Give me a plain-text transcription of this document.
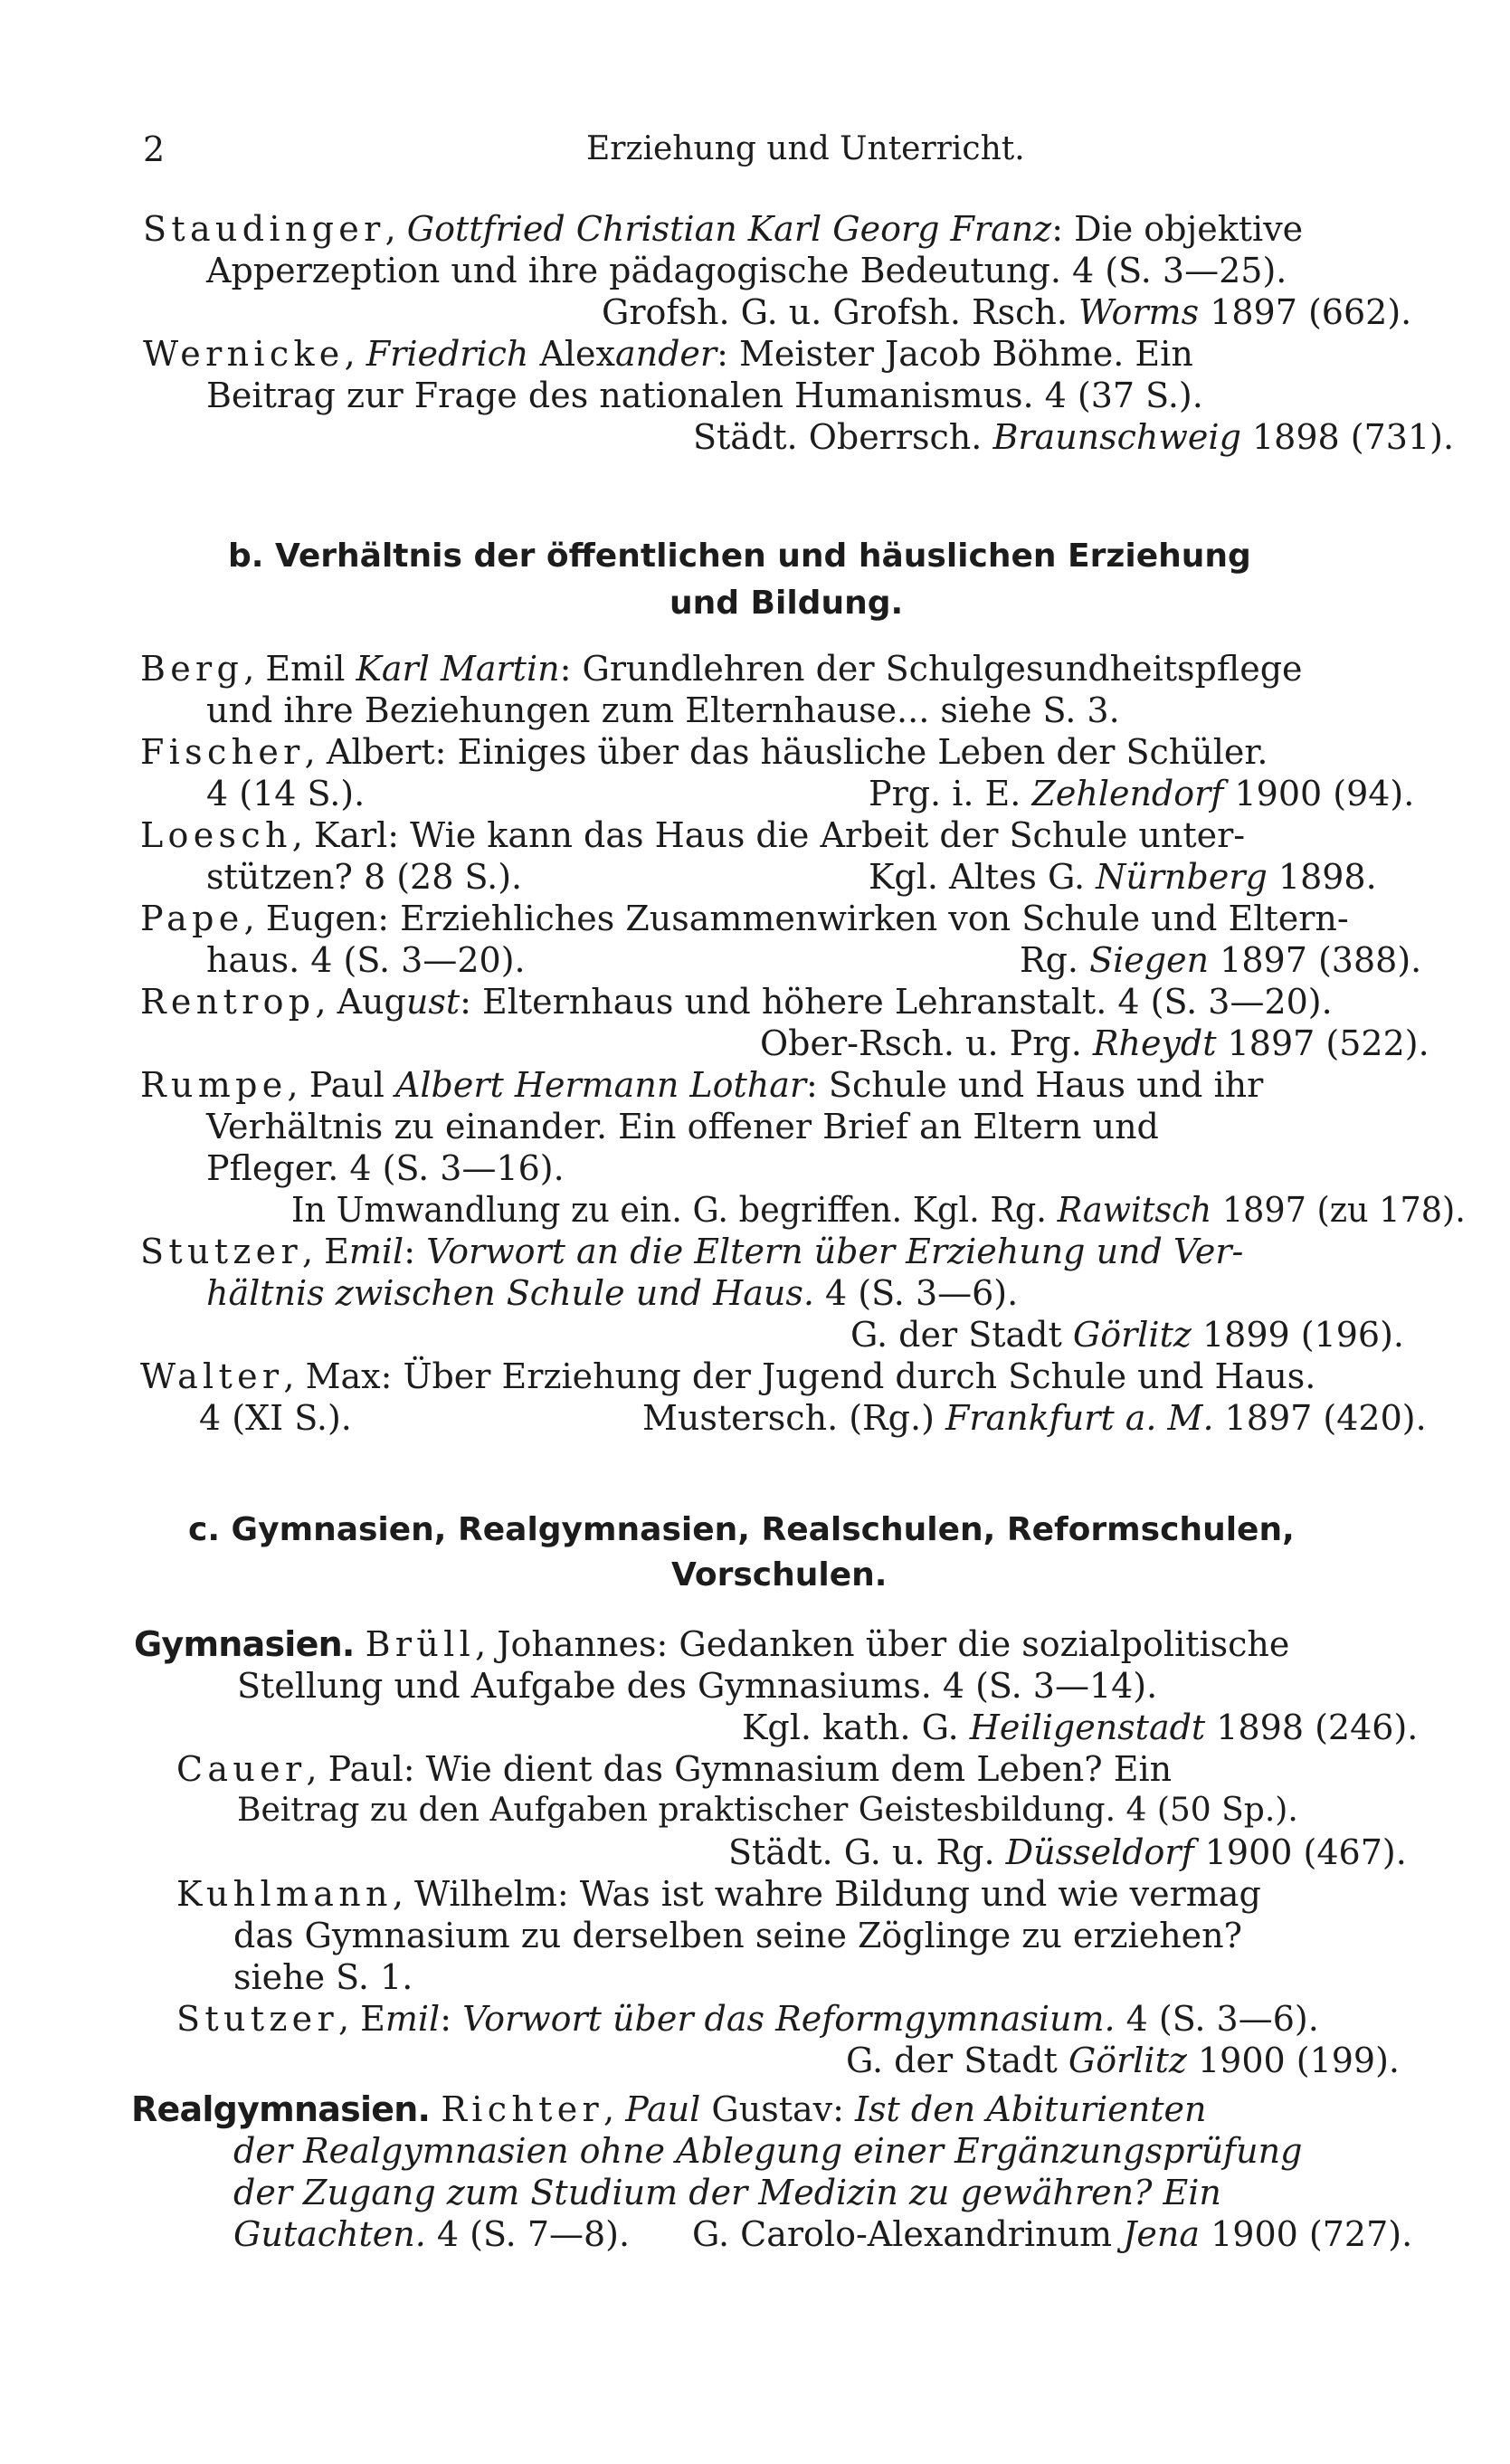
2	Erziehung und Unterricht.
Staudinger, Gottfried Christian Karl Georg Franz: Die objektive
Apperzeption und ihre pädagogische Bedeutung. 4 (S. 3—25).
Grofsh. G. u. Grofsh. Rsch. Worms 1897 (662).
Wernicke, Friedrich Alexander: Meister Jacob Böhme. Ein
Beitrag zur Frage des nationalen Humanismus. 4 (37 S.).
Städt. Oberrsch. Braunschweig 1898 (731).
b. Verhältnis der öffentlichen und häuslichen Erziehung
und Bildung.
Berg, Emil Karl Martin: Grundlehren der Schulgesundheitspflege
und ihre Beziehungen zum Elternhause... siehe S. 3.
Fischer, Albert: Einiges über das häusliche Leben der Schüler.
4 (14 S.).	Prg. i. E. Zehlendorf 1900 (94).
Loesch, Karl: Wie kann das Haus die Arbeit der Schule unter-
stützen? 8 (28 S.).	Kgl. Altes G. Nürnberg 1898.
Pape, Eugen: Erziehliches Zusammenwirken von Schule und Eltern-
haus. 4 (S. 3—20).	Rg. Siegen 1897 (388).
Rentrop, August: Elternhaus und höhere Lehranstalt. 4 (S. 3—20).
Ober-Rsch. u. Prg. Rheydt 1897 (522).
Rumpe, Paul Albert Hermann Lothar: Schule und Haus und ihr
Verhältnis zu einander. Ein offener Brief an Eltern und
Pfleger. 4 (S. 3—16).
In Umwandlung zu ein. G. begriffen. Kgl. Rg. Rawitsch 1897 (zu 178).
Stutzer, Emil: Vorwort an die Eltern über Erziehung und Ver-
hältnis zwischen Schule und Haus. 4 (S. 3—6).
G. der Stadt Görlitz 1899 (196).
Walter, Max: Über Erziehung der Jugend durch Schule und Haus.
4 (XI S.).	Mustersch. (Rg.) Frankfurt a. M. 1897 (420).
c. Gymnasien, Realgymnasien, Realschulen, Reformschulen,
Vorschulen.
Gymnasien. Brüll, Johannes: Gedanken über die sozialpolitische
Stellung und Aufgabe des Gymnasiums. 4 (S. 3—14).
Kgl. kath. G. Heiligenstadt 1898 (246).
Cauer, Paul: Wie dient das Gymnasium dem Leben? Ein
Beitrag zu den Aufgaben praktischer Geistesbildung. 4 (50 Sp.).
Städt. G. u. Rg. Düsseldorf 1900 (467).
Kuhlmann, Wilhelm: Was ist wahre Bildung und wie vermag
das Gymnasium zu derselben seine Zöglinge zu erziehen?
siehe S. 1.
Stutzer, Emil: Vorwort über das Reformgymnasium. 4 (S. 3—6).
G. der Stadt Görlitz 1900 (199).
Realgymnasien. Richter, Paul Gustav: Ist den Abiturienten
der Realgymnasien ohne Ablegung einer Ergänzungsprüfung
der Zugang zum Studium der Medizin zu gewähren? Ein
Gutachten. 4 (S. 7—8). G. Carolo-Alexandrinum Jena 1900 (727).
